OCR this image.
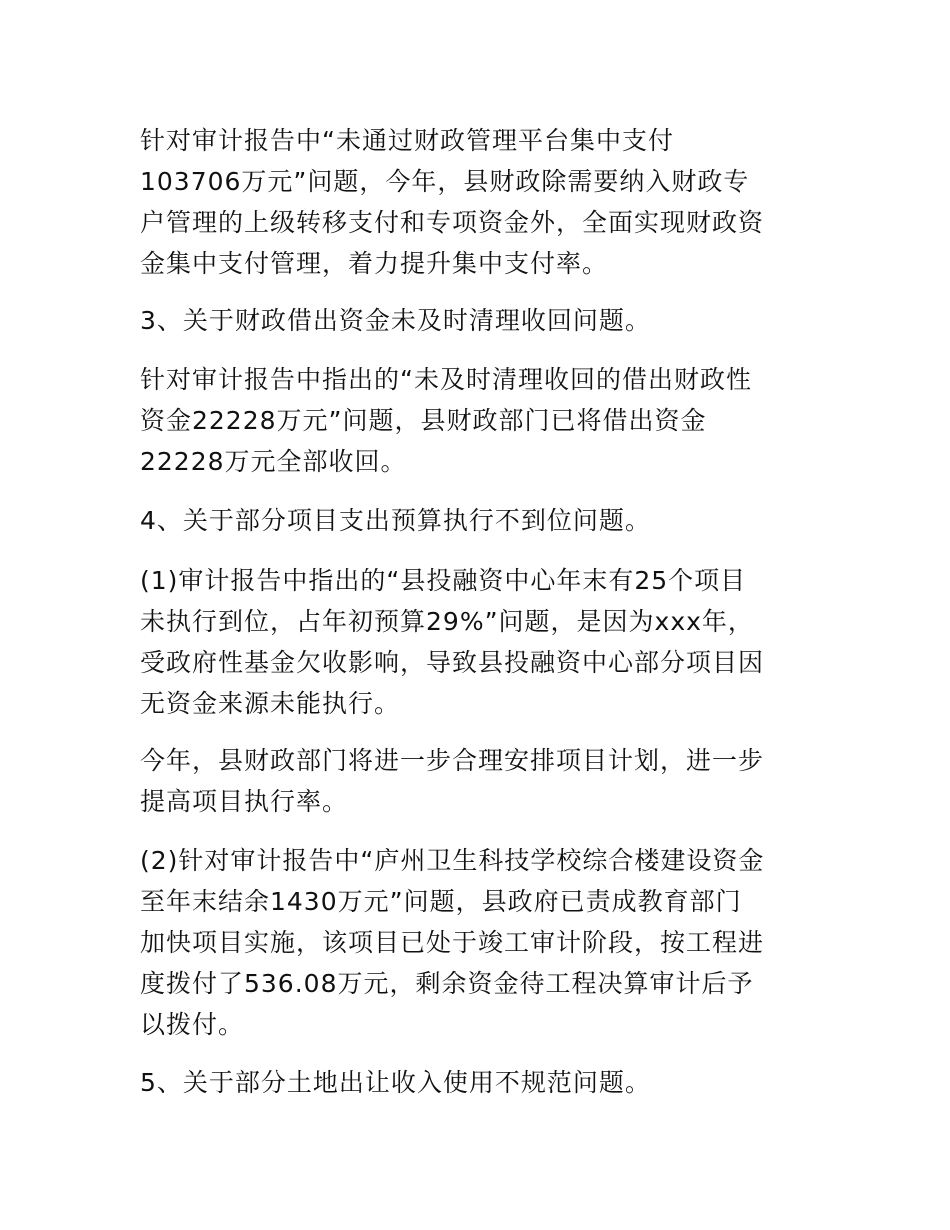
针对审计报告中“未通过财政管理平台集中支付
103706万元”问题，今年，县财政除需要纳入财政专
户管理的上级转移支付和专项资金外，全面实现财政资
金集中支付管理，着力提升集中支付率。

3、关于财政借出资金未及时清理收回问题。

针对审计报告中指出的“未及时清理收回的借出财政性
资金22228万元”问题，县财政部门已将借出资金
22228万元全部收回。

4、关于部分项目支出预算执行不到位问题。

(1)审计报告中指出的“县投融资中心年末有25个项目
未执行到位，占年初预算29%”问题，是因为xxx年，
受政府性基金欠收影响，导致县投融资中心部分项目因
无资金来源未能执行。

今年，县财政部门将进一步合理安排项目计划，进一步
提高项目执行率。

(2)针对审计报告中“庐州卫生科技学校综合楼建设资金
至年末结余1430万元”问题，县政府已责成教育部门
加快项目实施，该项目已处于竣工审计阶段，按工程进
度拨付了536.08万元，剩余资金待工程决算审计后予
以拨付。

5、关于部分土地出让收入使用不规范问题。
